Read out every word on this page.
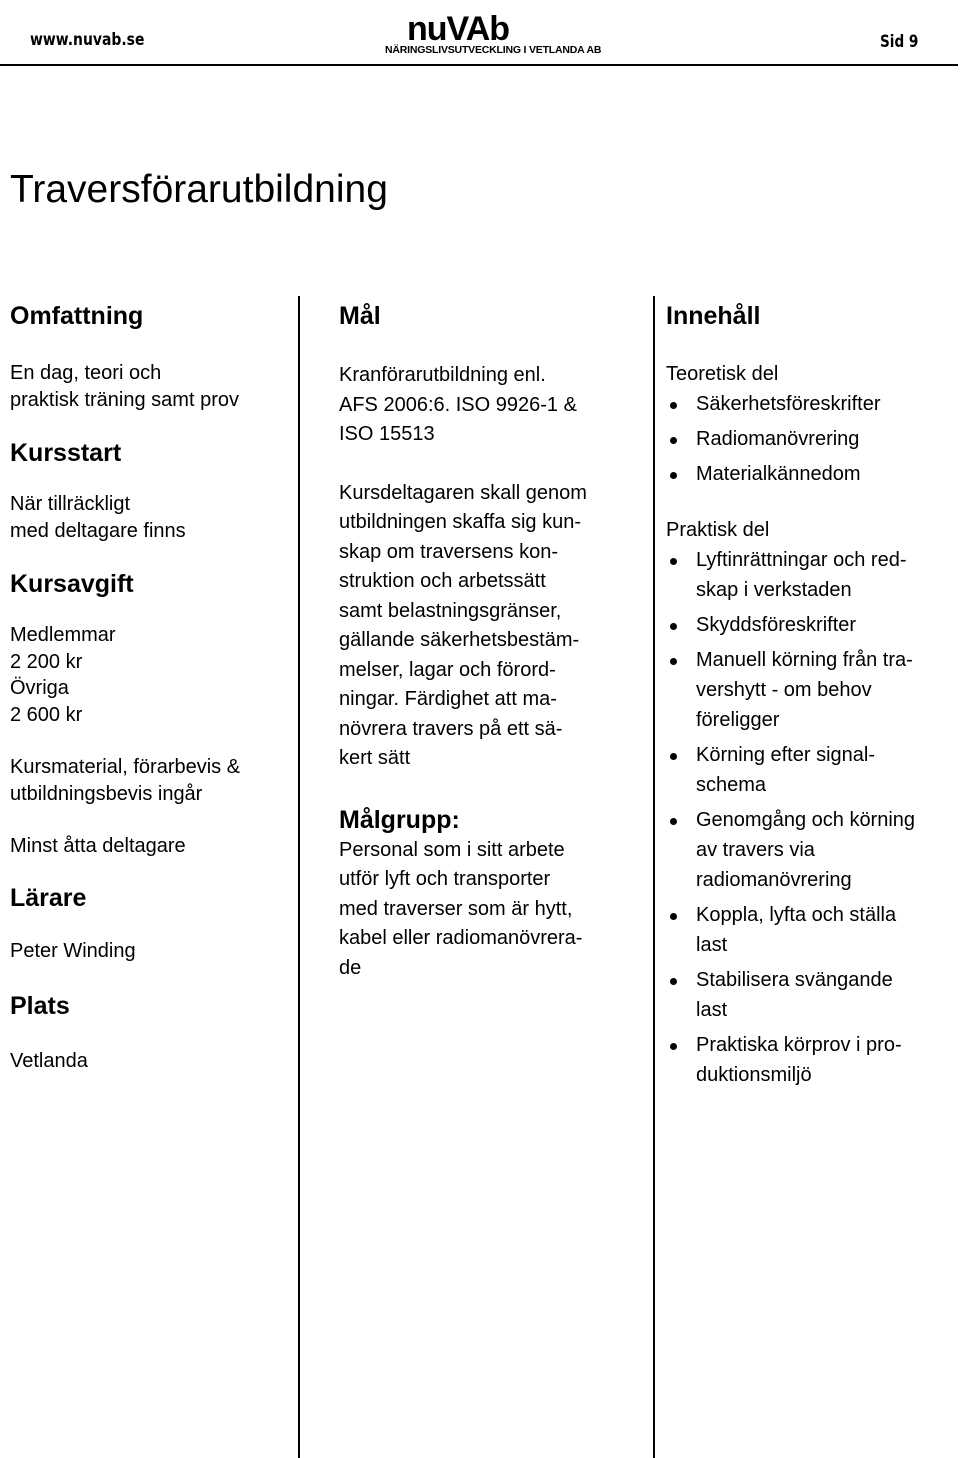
www.nuvab.se	nuVAb
NÄRINGSLIVSUTVECKLING I VETLANDA AB	Sid 9
Traversförarutbildning
Omfattning

En dag, teori och

praktisk träning samt prov

Kursstart

När tillräckligt

med deltagare finns

Kursavgift

Medlemmar

2 200 kr

Övriga

2 600 kr

Kursmaterial, förarbevis &

utbildningsbevis ingår

Minst åtta deltagare

Lärare

Peter Winding

Plats

Vetlanda

Mål

Kranförarutbildning enl.

AFS 2006:6. ISO 9926-1 &

ISO 15513

Kursdeltagaren skall genom

utbildningen skaffa sig kun-

skap om traversens kon-

struktion och arbetssätt

samt belastningsgränser,

gällande säkerhetsbestäm-

melser, lagar och förord-

ningar. Färdighet att ma-

növrera travers på ett sä-

kert sätt

Målgrupp:

Personal som i sitt arbete

utför lyft och transporter

med traverser som är hytt,

kabel eller radiomanövrera-

de

Innehåll

Teoretisk del

Säkerhetsföreskrifter
Radiomanövrering
Materialkännedom

Praktisk del

Lyftinrättningar och red-
skap i verkstaden
Skyddsföreskrifter
Manuell körning från tra-
vershytt - om behov
föreligger
Körning efter signal-
schema
Genomgång och körning
av travers via
radiomanövrering
Koppla, lyfta och ställa
last
Stabilisera svängande
last
Praktiska körprov i pro-
duktionsmiljö
